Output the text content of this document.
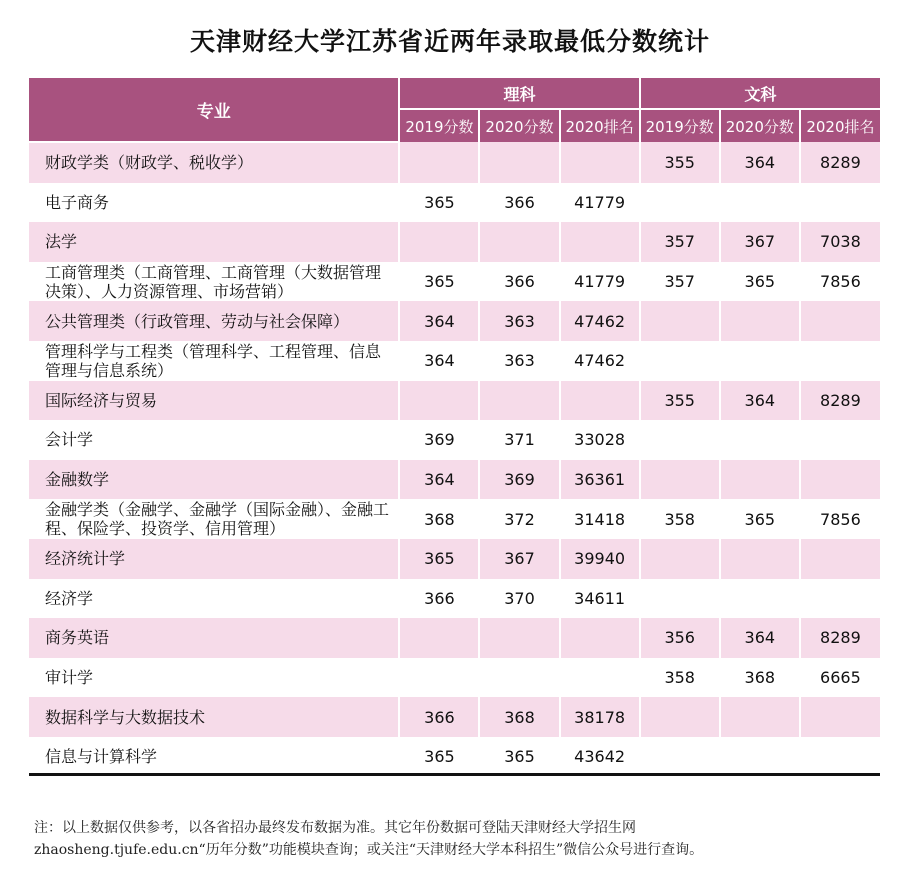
天津财经大学江苏省近两年录取最低分数统计
专业	理科			文科		
	2019分数	2020分数	2020排名	2019分数	2020分数	2020排名
财政学类（财政学、税收学）				355	364	8289
电子商务	365	366	41779			
法学				357	367	7038
工商管理类（工商管理、工商管理（大数据管理决策）、人力资源管理、市场营销）	365	366	41779	357	365	7856
公共管理类（行政管理、劳动与社会保障）	364	363	47462			
管理科学与工程类（管理科学、工程管理、信息管理与信息系统）	364	363	47462			
国际经济与贸易				355	364	8289
会计学	369	371	33028			
金融数学	364	369	36361			
金融学类（金融学、金融学（国际金融）、金融工程、保险学、投资学、信用管理）	368	372	31418	358	365	7856
经济统计学	365	367	39940			
经济学	366	370	34611			
商务英语				356	364	8289
审计学				358	368	6665
数据科学与大数据技术	366	368	38178			
信息与计算科学	365	365	43642			
注：以上数据仅供参考，以各省招办最终发布数据为准。其它年份数据可登陆天津财经大学招生网
zhaosheng.tjufe.edu.cn“历年分数”功能模块查询；或关注“天津财经大学本科招生”微信公众号进行查询。
